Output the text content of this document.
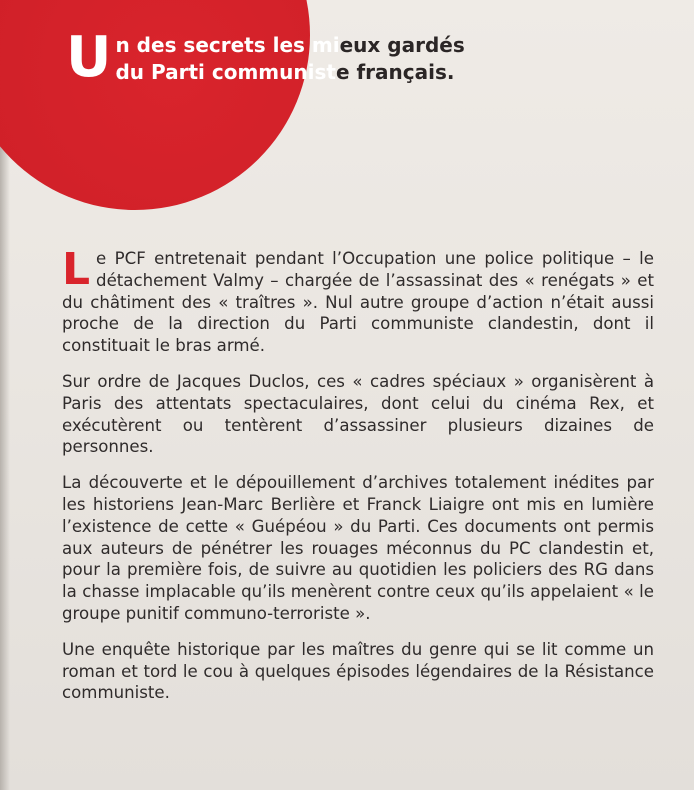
U n des secrets les mieux gardés
du Parti communiste français.

Le PCF entretenait pendant l’Occupation une police politique – le détachement Valmy – chargée de l’assassinat des « renégats » et du châtiment des « traîtres ». Nul autre groupe d’action n’était aussi proche de la direction du Parti communiste clandestin, dont il constituait le bras armé.

Sur ordre de Jacques Duclos, ces « cadres spéciaux » organisèrent à Paris des attentats spectaculaires, dont celui du cinéma Rex, et exécutèrent ou tentèrent d’assassiner plusieurs dizaines de personnes.

La découverte et le dépouillement d’archives totalement inédites par les historiens Jean-Marc Berlière et Franck Liaigre ont mis en lumière l’existence de cette « Guépéou » du Parti. Ces documents ont permis aux auteurs de pénétrer les rouages méconnus du PC clandestin et, pour la première fois, de suivre au quotidien les policiers des RG dans la chasse implacable qu’ils menèrent contre ceux qu’ils appelaient « le groupe punitif communo-terroriste ».

Une enquête historique par les maîtres du genre qui se lit comme un roman et tord le cou à quelques épisodes légendaires de la Résistance communiste.
